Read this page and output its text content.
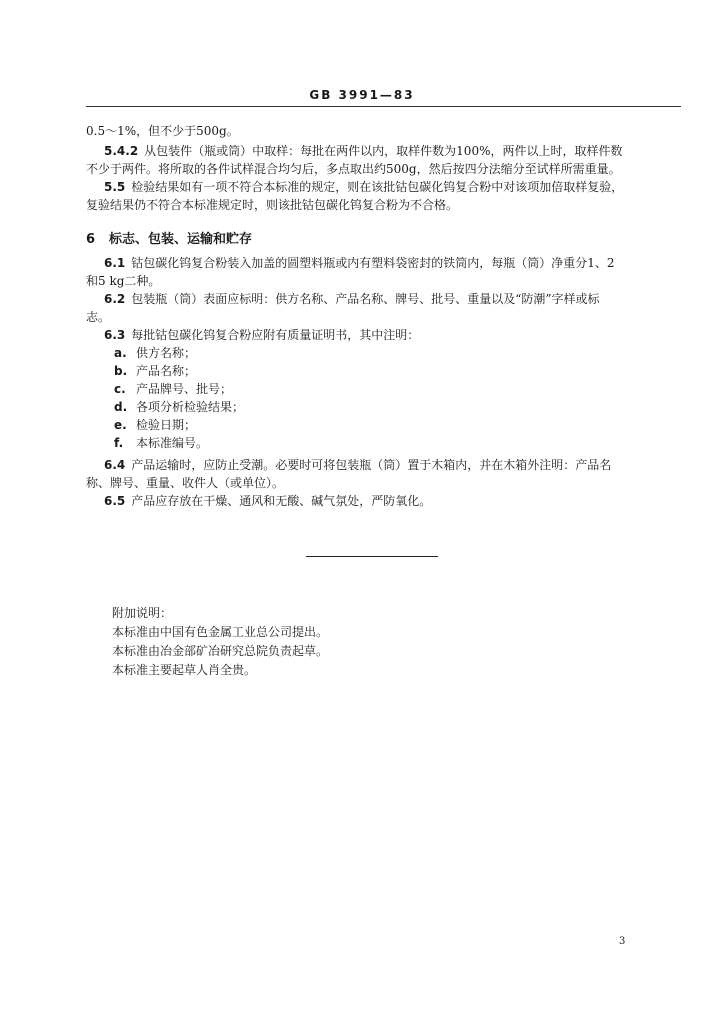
GB 3991—83
0.5～1%，但不少于500g。
5.4.2 从包装件（瓶或筒）中取样：每批在两件以内，取样件数为100%，两件以上时，取样件数
不少于两件。将所取的各件试样混合均匀后，多点取出约500g，然后按四分法缩分至试样所需重量。
5.5 检验结果如有一项不符合本标准的规定，则在该批钴包碳化钨复合粉中对该项加倍取样复验，
复验结果仍不符合本标准规定时，则该批钴包碳化钨复合粉为不合格。
6 标志、包装、运输和贮存
6.1 钴包碳化钨复合粉装入加盖的圆塑料瓶或内有塑料袋密封的铁筒内，每瓶（筒）净重分1、2
和5 kg二种。
6.2 包装瓶（筒）表面应标明：供方名称、产品名称、牌号、批号、重量以及“防潮”字样或标
志。
6.3 每批钴包碳化钨复合粉应附有质量证明书，其中注明：
a. 供方名称；
b. 产品名称；
c. 产品牌号、批号；
d. 各项分析检验结果；
e. 检验日期；
f. 本标准编号。
6.4 产品运输时，应防止受潮。必要时可将包装瓶（筒）置于木箱内，并在木箱外注明：产品名
称、牌号、重量、收件人（或单位）。
6.5 产品应存放在干燥、通风和无酸、碱气氛处，严防氧化。
附加说明：
本标准由中国有色金属工业总公司提出。
本标准由冶金部矿冶研究总院负责起草。
本标准主要起草人肖全贵。
3
